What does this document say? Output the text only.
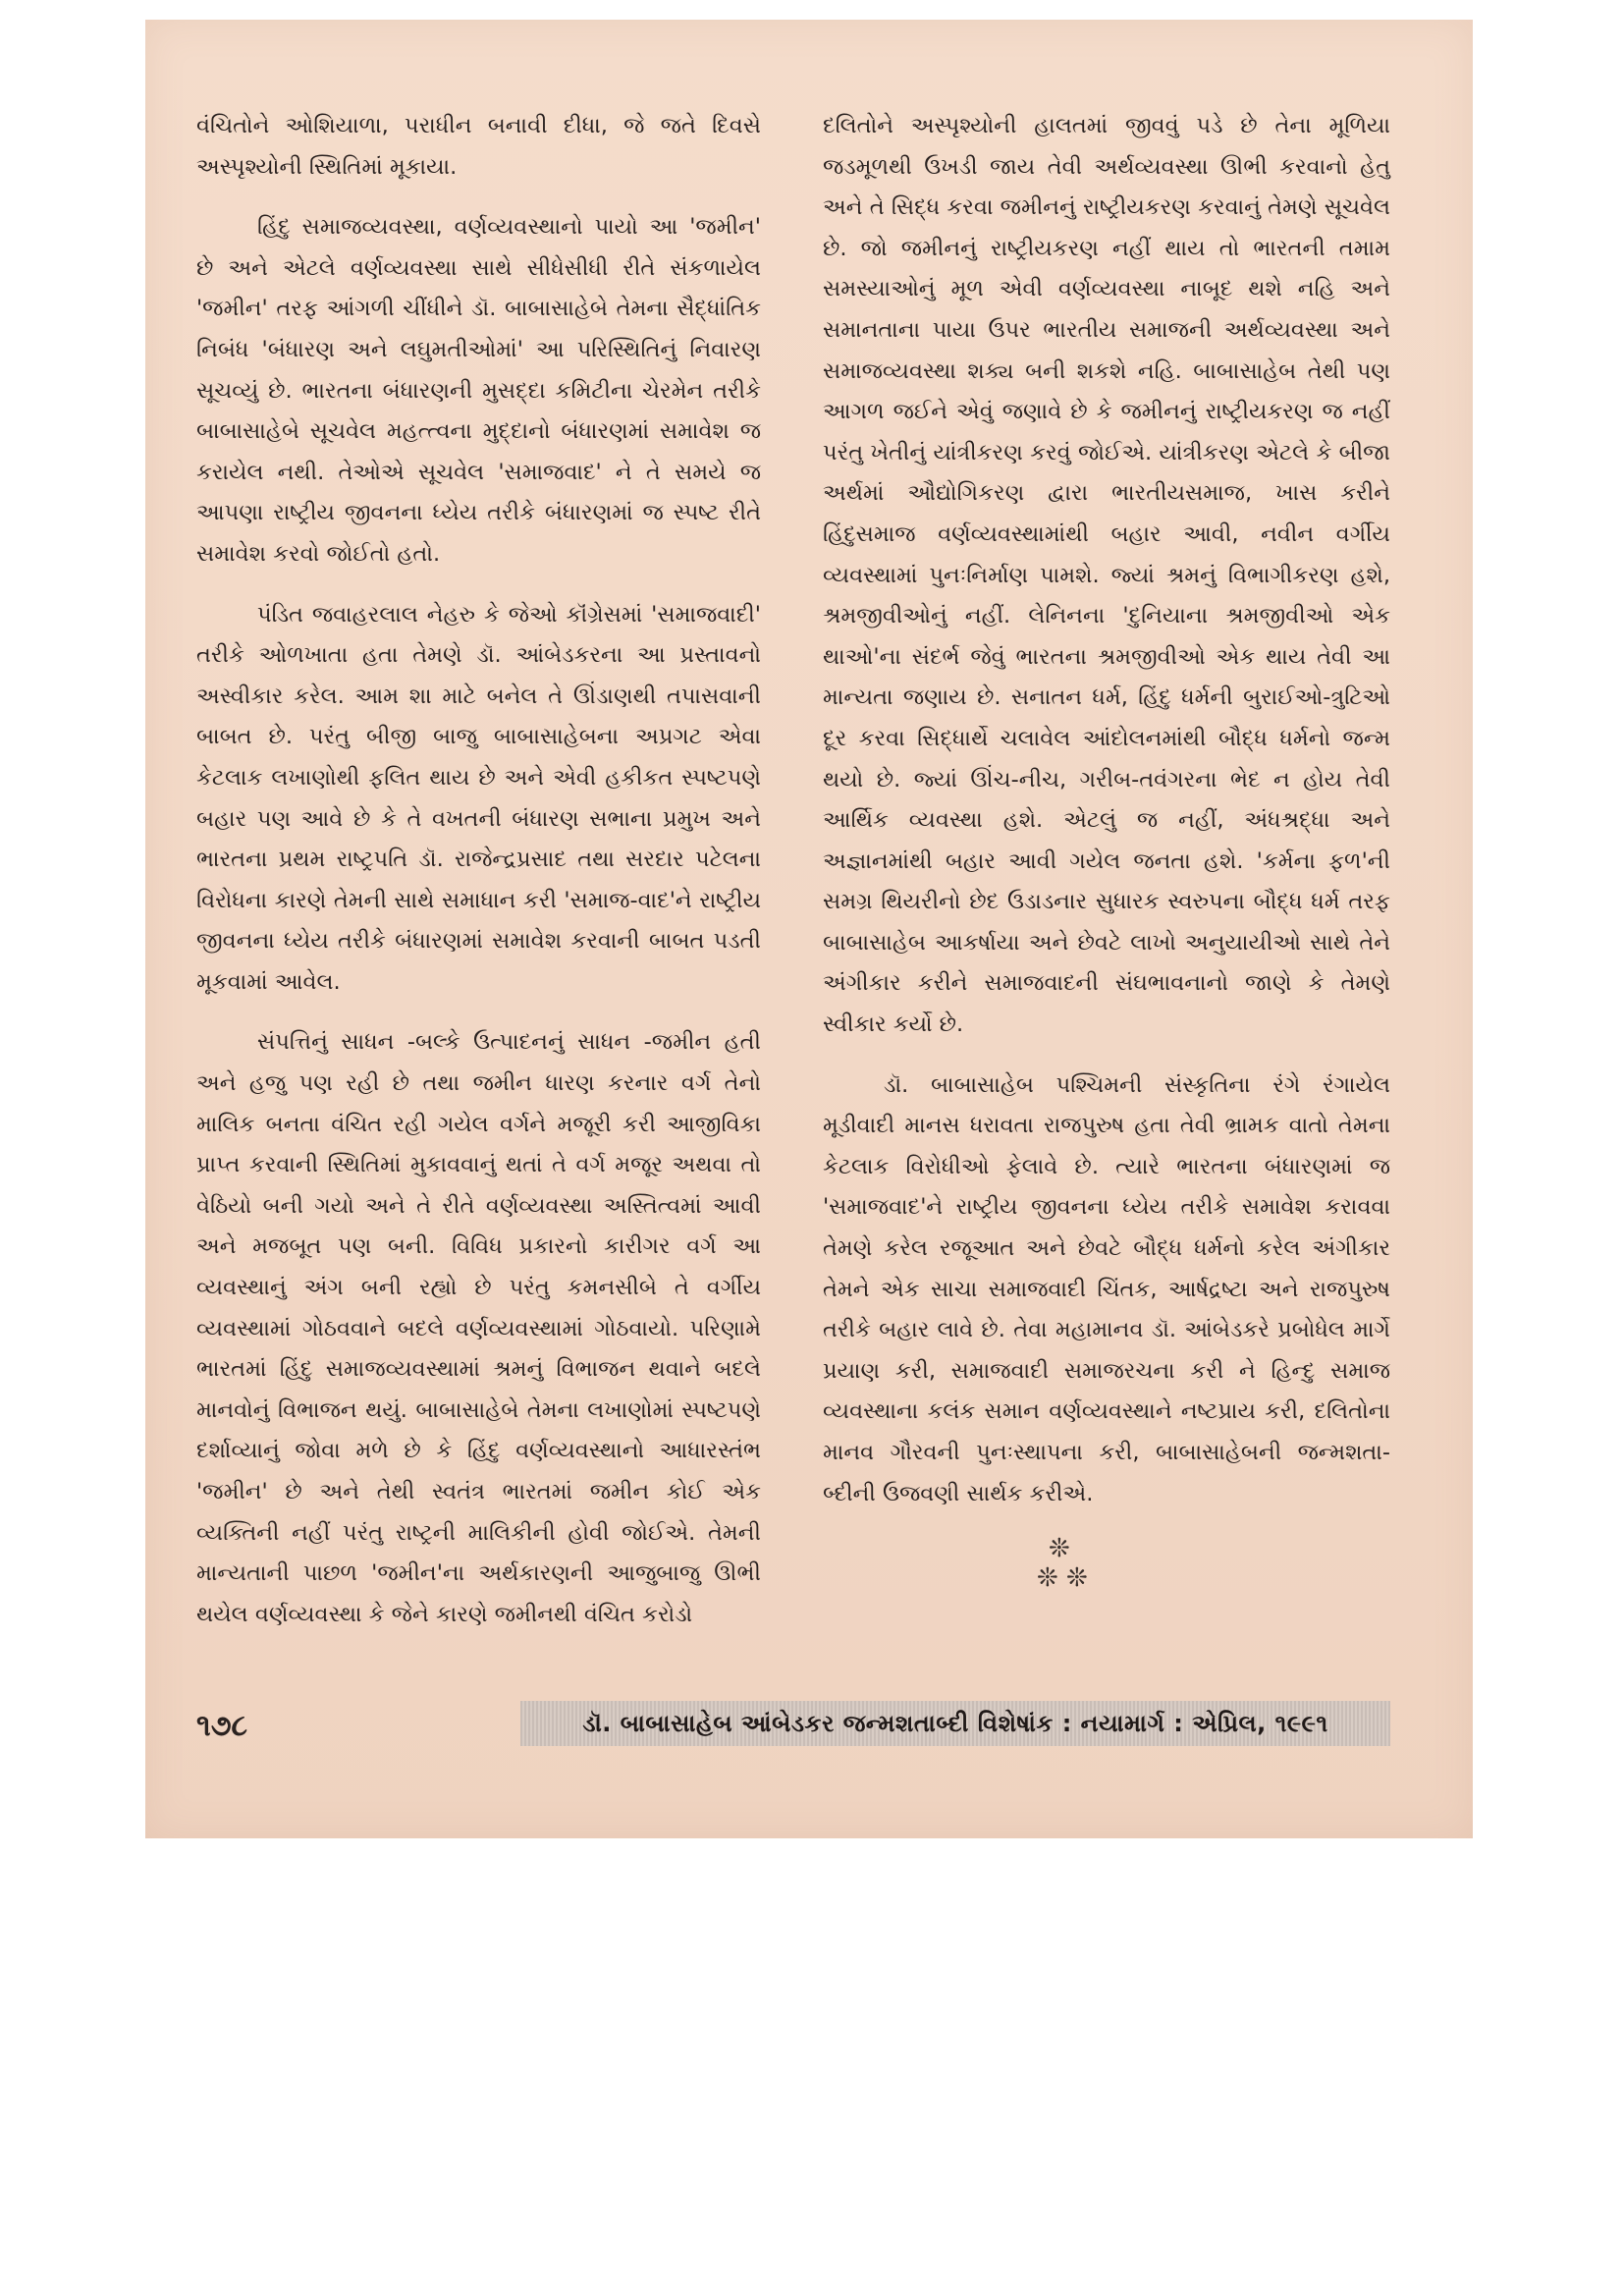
વંચિતોને ઓશિયાળા, પરાધીન બનાવી દીધા, જે જતે દિવસે અસ્પૃશ્યોની સ્થિતિમાં મૂકાયા.

હિંદુ સમાજવ્યવસ્થા, વર્ણવ્યવસ્થાનો પાયો આ 'જમીન' છે અને એટલે વર્ણવ્યવસ્થા સાથે સીધેસીધી રીતે સંકળાયેલ 'જમીન' તરફ આંગળી ચીંધીને ડૉ. બાબાસાહેબે તેમના સૈદ્ધાંતિક નિબંધ 'બંધારણ અને લઘુમતીઓમાં' આ પરિસ્થિતિનું નિવારણ સૂચવ્યું છે. ભારતના બંધારણની મુસદ્દા કમિટીના ચેરમેન તરીકે બાબાસાહેબે સૂચવેલ મહત્ત્વના મુદ્દાનો બંધારણમાં સમાવેશ જ કરાયેલ નથી. તેઓએ સૂચવેલ 'સમાજવાદ' ને તે સમયે જ આપણા રાષ્ટ્રીય જીવનના ધ્યેય તરીકે બંધારણમાં જ સ્પષ્ટ રીતે સમાવેશ કરવો જોઈતો હતો.

પંડિત જવાહરલાલ નેહરુ કે જેઓ કૉંગ્રેસમાં 'સમાજવાદી' તરીકે ઓળખાતા હતા તેમણે ડૉ. આંબેડકરના આ પ્રસ્તાવનો અસ્વીકાર કરેલ. આમ શા માટે બનેલ તે ઊંડાણથી તપાસવાની બાબત છે. પરંતુ બીજી બાજુ બાબાસાહેબના અપ્રગટ એવા કેટલાક લખાણોથી ફલિત થાય છે અને એવી હકીકત સ્પષ્ટપણે બહાર પણ આવે છે કે તે વખતની બંધારણ સભાના પ્રમુખ અને ભારતના પ્રથમ રાષ્ટ્રપતિ ડૉ. રાજેન્દ્રપ્રસાદ તથા સરદાર પટેલના વિરોધના કારણે તેમની સાથે સમાધાન કરી 'સમાજ-વાદ'ને રાષ્ટ્રીય જીવનના ધ્યેય તરીકે બંધારણમાં સમાવેશ કરવાની બાબત પડતી મૂકવામાં આવેલ.

સંપત્તિનું સાધન -બલ્કે ઉત્પાદનનું સાધન -જમીન હતી અને હજુ પણ રહી છે તથા જમીન ધારણ કરનાર વર્ગ તેનો માલિક બનતા વંચિત રહી ગયેલ વર્ગને મજૂરી કરી આજીવિકા પ્રાપ્ત કરવાની સ્થિતિમાં મુકાવવાનું થતાં તે વર્ગ મજૂર અથવા તો વેઠિયો બની ગયો અને તે રીતે વર્ણવ્યવસ્થા અસ્તિત્વમાં આવી અને મજબૂત પણ બની. વિવિધ પ્રકારનો કારીગર વર્ગ આ વ્યવસ્થાનું અંગ બની રહ્યો છે પરંતુ કમનસીબે તે વર્ગીય વ્યવસ્થામાં ગોઠવવાને બદલે વર્ણવ્યવસ્થામાં ગોઠવાયો. પરિણામે ભારતમાં હિંદુ સમાજવ્યવસ્થામાં શ્રમનું વિભાજન થવાને બદલે માનવોનું વિભાજન થયું. બાબાસાહેબે તેમના લખાણોમાં સ્પષ્ટપણે દર્શાવ્યાનું જોવા મળે છે કે હિંદુ વર્ણવ્યવસ્થાનો આધારસ્તંભ 'જમીન' છે અને તેથી સ્વતંત્ર ભારતમાં જમીન કોઈ એક વ્યક્તિની નહીં પરંતુ રાષ્ટ્રની માલિકીની હોવી જોઈએ. તેમની માન્યતાની પાછળ 'જમીન'ના અર્થકારણની આજુબાજુ ઊભી થયેલ વર્ણવ્યવસ્થા કે જેને કારણે જમીનથી વંચિત કરોડો

દલિતોને અસ્પૃશ્યોની હાલતમાં જીવવું પડે છે તેના મૂળિયા જડમૂળથી ઉખડી જાય તેવી અર્થવ્યવસ્થા ઊભી કરવાનો હેતુ અને તે સિદ્ધ કરવા જમીનનું રાષ્ટ્રીયકરણ કરવાનું તેમણે સૂચવેલ છે. જો જમીનનું રાષ્ટ્રીયકરણ નહીં થાય તો ભારતની તમામ સમસ્યાઓનું મૂળ એવી વર્ણવ્યવસ્થા નાબૂદ થશે નહિ અને સમાનતાના પાયા ઉપર ભારતીય સમાજની અર્થવ્યવસ્થા અને સમાજવ્યવસ્થા શક્ય બની શકશે નહિ. બાબાસાહેબ તેથી પણ આગળ જઈને એવું જણાવે છે કે જમીનનું રાષ્ટ્રીયકરણ જ નહીં પરંતુ ખેતીનું યાંત્રીકરણ કરવું જોઈએ. યાંત્રીકરણ એટલે કે બીજા અર્થમાં ઔદ્યોગિકરણ દ્વારા ભારતીયસમાજ, ખાસ કરીને હિંદુસમાજ વર્ણવ્યવસ્થામાંથી બહાર આવી, નવીન વર્ગીય વ્યવસ્થામાં પુનઃનિર્માણ પામશે. જ્યાં શ્રમનું વિભાગીકરણ હશે, શ્રમજીવીઓનું નહીં. લેનિનના 'દુનિયાના શ્રમજીવીઓ એક થાઓ'ના સંદર્ભ જેવું ભારતના શ્રમજીવીઓ એક થાય તેવી આ માન્યતા જણાય છે. સનાતન ધર્મ, હિંદુ ધર્મની બુરાઈઓ-ત્રુટિઓ દૂર કરવા સિદ્ધાર્થે ચલાવેલ આંદોલનમાંથી બૌદ્ધ ધર્મનો જન્મ થયો છે. જ્યાં ઊંચ-નીચ, ગરીબ-તવંગરના ભેદ ન હોય તેવી આર્થિક વ્યવસ્થા હશે. એટલું જ નહીં, અંધશ્રદ્ધા અને અજ્ઞાનમાંથી બહાર આવી ગયેલ જનતા હશે. 'કર્મના ફળ'ની સમગ્ર થિયરીનો છેદ ઉડાડનાર સુધારક સ્વરુપના બૌદ્ધ ધર્મ તરફ બાબાસાહેબ આકર્ષાયા અને છેવટે લાખો અનુયાયીઓ સાથે તેને અંગીકાર કરીને સમાજવાદની સંઘભાવનાનો જાણે કે તેમણે સ્વીકાર કર્યો છે.

ડૉ. બાબાસાહેબ પશ્ચિમની સંસ્કૃતિના રંગે રંગાયેલ મૂડીવાદી માનસ ધરાવતા રાજપુરુષ હતા તેવી ભ્રામક વાતો તેમના કેટલાક વિરોધીઓ ફેલાવે છે. ત્યારે ભારતના બંધારણમાં જ 'સમાજવાદ'ને રાષ્ટ્રીય જીવનના ધ્યેય તરીકે સમાવેશ કરાવવા તેમણે કરેલ રજૂઆત અને છેવટે બૌદ્ધ ધર્મનો કરેલ અંગીકાર તેમને એક સાચા સમાજવાદી ચિંતક, આર્ષદ્રષ્ટા અને રાજપુરુષ તરીકે બહાર લાવે છે. તેવા મહામાનવ ડૉ. આંબેડકરે પ્રબોધેલ માર્ગે પ્રયાણ કરી, સમાજવાદી સમાજરચના કરી ને હિન્દુ સમાજ વ્યવસ્થાના કલંક સમાન વર્ણવ્યવસ્થાને નષ્ટપ્રાય કરી, દલિતોના માનવ ગૌરવની પુનઃસ્થાપના કરી, બાબાસાહેબની જન્મશતા-બ્દીની ઉજવણી સાર્થક કરીએ.

❊

❊ ❊

૧૭૮	ડૉ. બાબાસાહેબ આંબેડકર જન્મશતાબ્દી વિશેષાંક : નયામાર્ગ : એપ્રિલ, ૧૯૯૧
